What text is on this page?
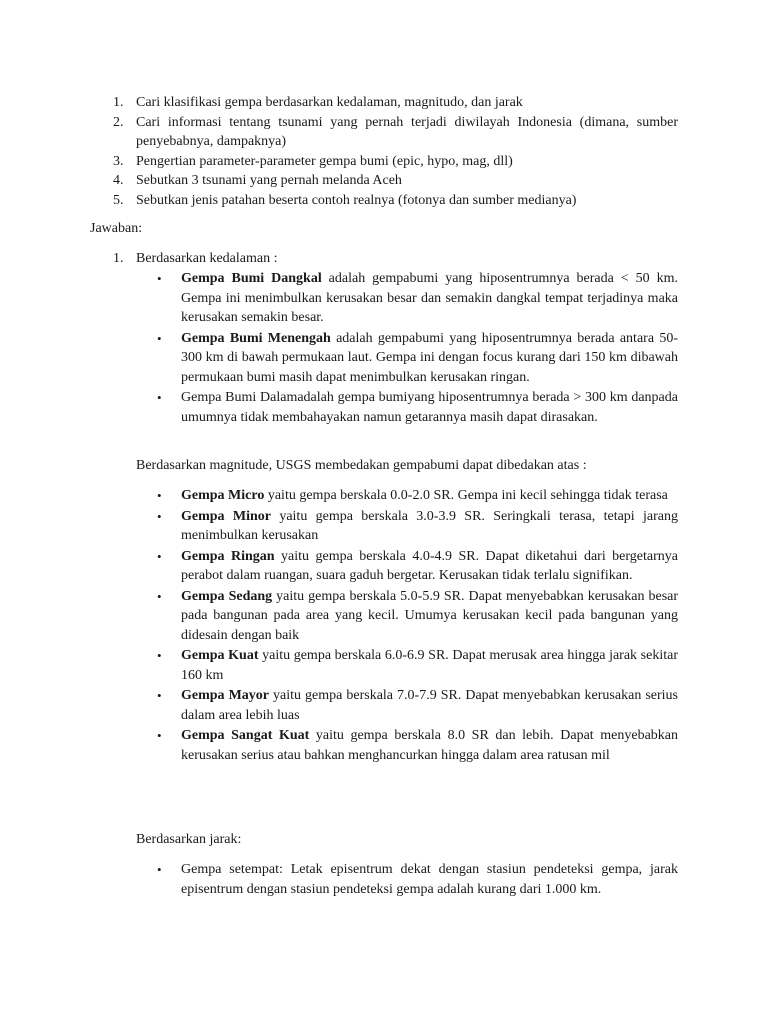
1. Cari klasifikasi gempa berdasarkan kedalaman, magnitudo, dan jarak
2. Cari informasi tentang tsunami yang pernah terjadi diwilayah Indonesia (dimana, sumber penyebabnya, dampaknya)
3. Pengertian parameter-parameter gempa bumi (epic, hypo, mag, dll)
4. Sebutkan 3 tsunami yang pernah melanda Aceh
5. Sebutkan jenis patahan beserta contoh realnya (fotonya dan sumber medianya)
Jawaban:
1. Berdasarkan kedalaman :
• Gempa Bumi Dangkal adalah gempabumi yang hiposentrumnya berada < 50 km. Gempa ini menimbulkan kerusakan besar dan semakin dangkal tempat terjadinya maka kerusakan semakin besar.
• Gempa Bumi Menengah adalah gempabumi yang hiposentrumnya berada antara 50-300 km di bawah permukaan laut. Gempa ini dengan focus kurang dari 150 km dibawah permukaan bumi masih dapat menimbulkan kerusakan ringan.
• Gempa Bumi Dalamadalah gempa bumiyang hiposentrumnya berada > 300 km danpada umumnya tidak membahayakan namun getarannya masih dapat dirasakan.
Berdasarkan magnitude, USGS membedakan gempabumi dapat dibedakan atas :
• Gempa Micro yaitu gempa berskala 0.0-2.0 SR. Gempa ini kecil sehingga tidak terasa
• Gempa Minor yaitu gempa berskala 3.0-3.9 SR. Seringkali terasa, tetapi jarang menimbulkan kerusakan
• Gempa Ringan yaitu gempa berskala 4.0-4.9 SR. Dapat diketahui dari bergetarnya perabot dalam ruangan, suara gaduh bergetar. Kerusakan tidak terlalu signifikan.
• Gempa Sedang yaitu gempa berskala 5.0-5.9 SR. Dapat menyebabkan kerusakan besar pada bangunan pada area yang kecil. Umumya kerusakan kecil pada bangunan yang didesain dengan baik
• Gempa Kuat yaitu gempa berskala 6.0-6.9 SR. Dapat merusak area hingga jarak sekitar 160 km
• Gempa Mayor yaitu gempa berskala 7.0-7.9 SR. Dapat menyebabkan kerusakan serius dalam area lebih luas
• Gempa Sangat Kuat yaitu gempa berskala 8.0 SR dan lebih. Dapat menyebabkan kerusakan serius atau bahkan menghancurkan hingga dalam area ratusan mil
Berdasarkan jarak:
• Gempa setempat: Letak episentrum dekat dengan stasiun pendeteksi gempa, jarak episentrum dengan stasiun pendeteksi gempa adalah kurang dari 1.000 km.
